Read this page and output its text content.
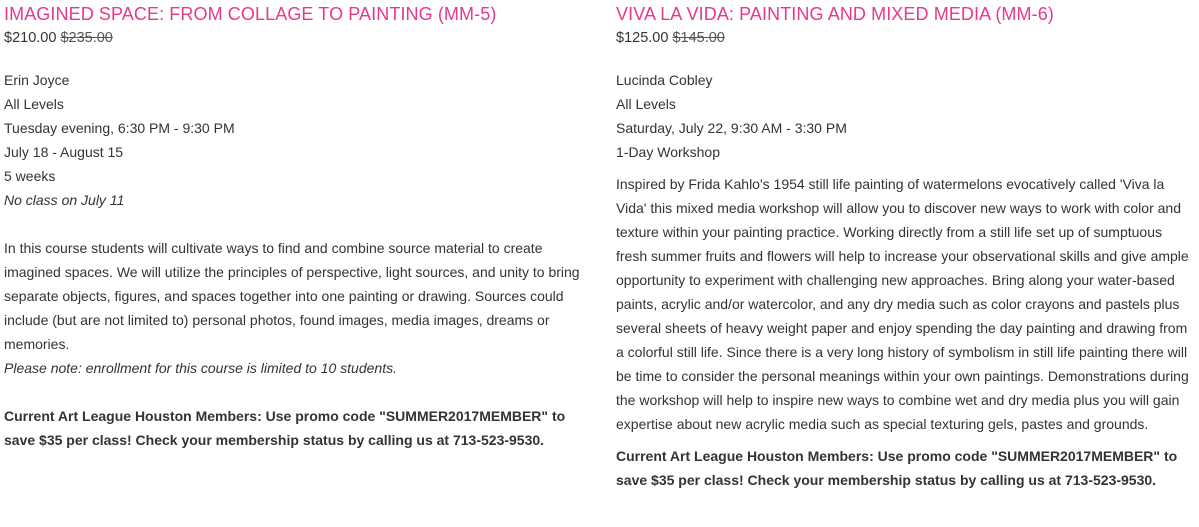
IMAGINED SPACE: FROM COLLAGE TO PAINTING (MM-5)
$210.00 $235.00
Erin Joyce
All Levels
Tuesday evening, 6:30 PM - 9:30 PM
July 18 - August 15
5 weeks
No class on July 11

In this course students will cultivate ways to find and combine source material to create imagined spaces. We will utilize the principles of perspective, light sources, and unity to bring separate objects, figures, and spaces together into one painting or drawing. Sources could include (but are not limited to) personal photos, found images, media images, dreams or memories.

Please note: enrollment for this course is limited to 10 students.

Current Art League Houston Members: Use promo code "SUMMER2017MEMBER" to save $35 per class! Check your membership status by calling us at 713-523-9530.

VIVA LA VIDA: PAINTING AND MIXED MEDIA (MM-6)
$125.00 $145.00
Lucinda Cobley
All Levels
Saturday, July 22, 9:30 AM - 3:30 PM
1-Day Workshop

Inspired by Frida Kahlo's 1954 still life painting of watermelons evocatively called 'Viva la Vida' this mixed media workshop will allow you to discover new ways to work with color and texture within your painting practice. Working directly from a still life set up of sumptuous fresh summer fruits and flowers will help to increase your observational skills and give ample opportunity to experiment with challenging new approaches. Bring along your water-based paints, acrylic and/or watercolor, and any dry media such as color crayons and pastels plus several sheets of heavy weight paper and enjoy spending the day painting and drawing from a colorful still life. Since there is a very long history of symbolism in still life painting there will be time to consider the personal meanings within your own paintings. Demonstrations during the workshop will help to inspire new ways to combine wet and dry media plus you will gain expertise about new acrylic media such as special texturing gels, pastes and grounds.

Current Art League Houston Members: Use promo code "SUMMER2017MEMBER" to save $35 per class! Check your membership status by calling us at 713-523-9530.
